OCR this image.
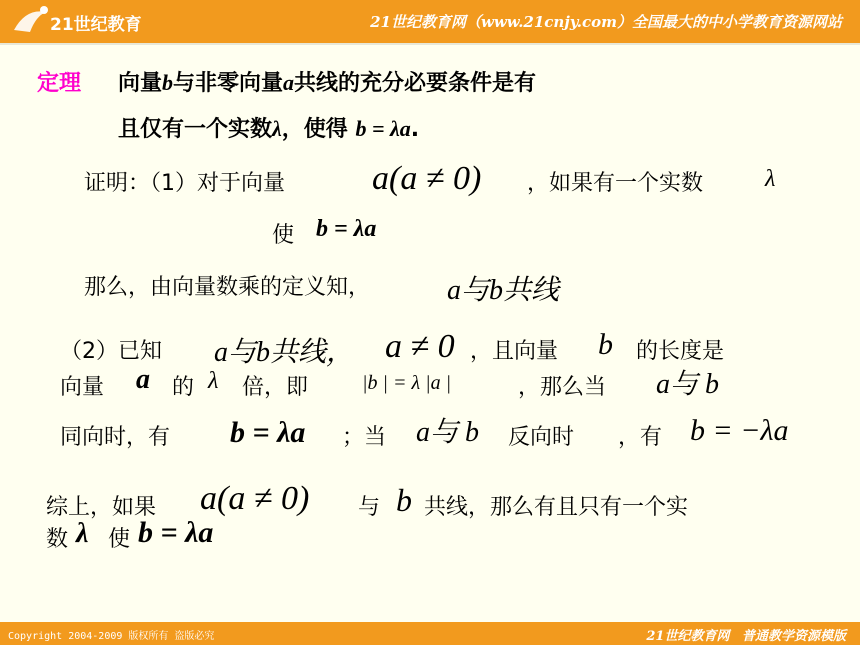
21世纪教育	21世纪教育网（www.21cnjy.com）全国最大的中小学教育资源网站
定理 向量b与非零向量a共线的充分必要条件是有
且仅有一个实数λ，使得 b = λa.
证明：（1）对于向量	a(a ≠ 0) ，如果有一个实数	λ
使 b = λa
那么，由向量数乘的定义知，	a与b共线
（2）已知 a与b共线， a ≠ 0 ，且向量 b 的长度是
向量 a 的 λ 倍，即	|b | = λ |a |	，那么当 a与 b
同向时，有 b = λa ；当 a与 b 反向时 ，有 b = −λa
综上，如果 a(a ≠ 0) 与 b 共线，那么有且只有一个实
数 λ 使 b = λa
Copyright 2004-2009 版权所有 盗版必究	21世纪教育网 普通教学资源模版
